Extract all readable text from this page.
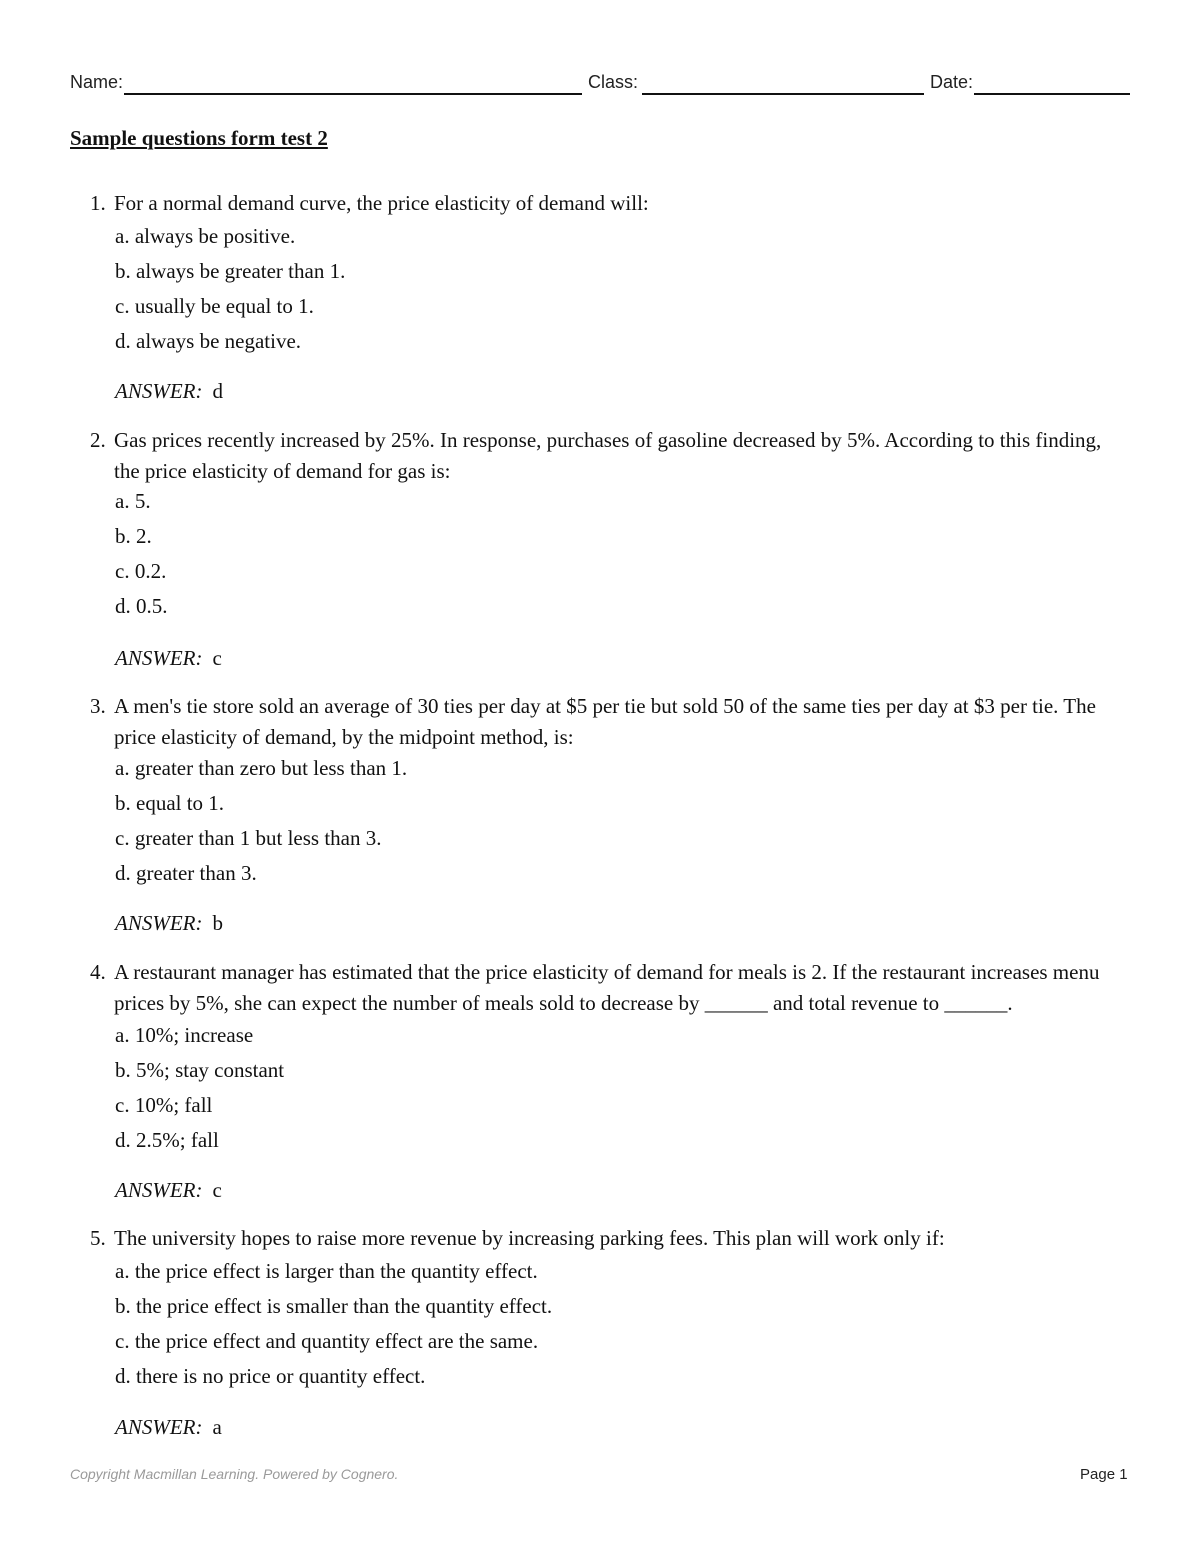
Name:	Class:	Date:
Sample questions form test 2
1. For a normal demand curve, the price elasticity of demand will:
a. always be positive.
b. always be greater than 1.
c. usually be equal to 1.
d. always be negative.
ANSWER: d
2. Gas prices recently increased by 25%. In response, purchases of gasoline decreased by 5%. According to this finding, the price elasticity of demand for gas is:
a. 5.
b. 2.
c. 0.2.
d. 0.5.
ANSWER: c
3. A men's tie store sold an average of 30 ties per day at $5 per tie but sold 50 of the same ties per day at $3 per tie. The price elasticity of demand, by the midpoint method, is:
a. greater than zero but less than 1.
b. equal to 1.
c. greater than 1 but less than 3.
d. greater than 3.
ANSWER: b
4. A restaurant manager has estimated that the price elasticity of demand for meals is 2. If the restaurant increases menu prices by 5%, she can expect the number of meals sold to decrease by ______ and total revenue to ______.
a. 10%; increase
b. 5%; stay constant
c. 10%; fall
d. 2.5%; fall
ANSWER: c
5. The university hopes to raise more revenue by increasing parking fees. This plan will work only if:
a. the price effect is larger than the quantity effect.
b. the price effect is smaller than the quantity effect.
c. the price effect and quantity effect are the same.
d. there is no price or quantity effect.
ANSWER: a
Copyright Macmillan Learning. Powered by Cognero.	Page 1
